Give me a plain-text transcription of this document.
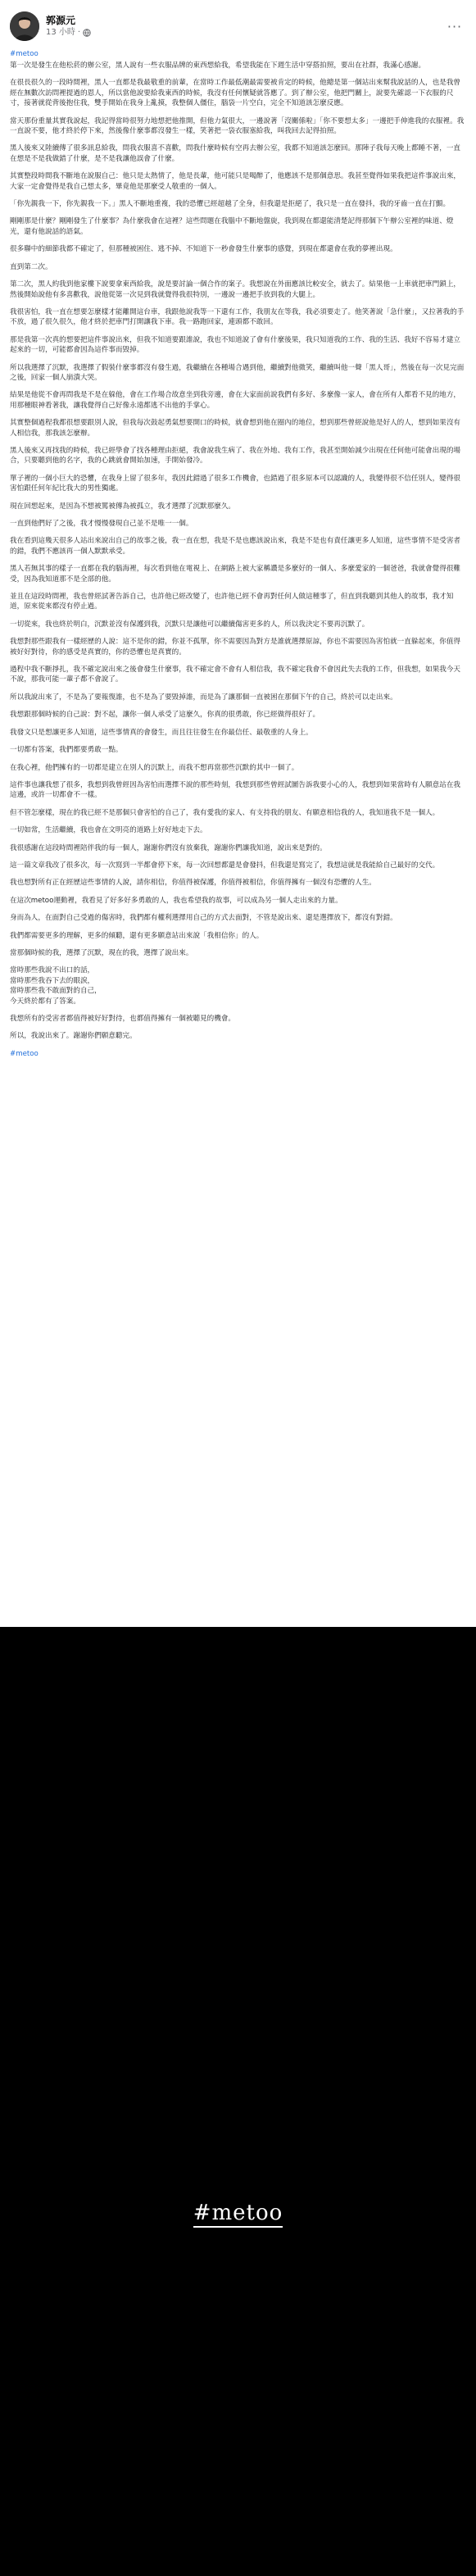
郭源元
13 小時 ·	···
#metoo

第一次是發生在他松菸的辦公室，黑人說有一些衣服品牌的東西想給我，希望我能在下週生活中穿搭拍照，要出在社群，我滿心感謝。

在很長很久的一段時間裡，黑人一直都是我最敬重的前輩，在當時工作最低潮最需要被肯定的時候，他總是第一個站出來幫我說話的人，也是我曾經在無數次訪問裡提過的恩人，所以當他說要給我東西的時候，我沒有任何懷疑就答應了。到了辦公室，他把門關上，說要先確認一下衣服的尺寸，接著就從背後抱住我，雙手開始在我身上亂摸，我整個人僵住，腦袋一片空白，完全不知道該怎麼反應。

當天那份重量其實我說起，我記得當時很努力地想把他推開，但他力氣很大，一邊說著「沒關係啦」「你不要想太多」一邊把手伸進我的衣服裡。我一直說不要，他才終於停下來，然後像什麼事都沒發生一樣，笑著把一袋衣服塞給我，叫我回去記得拍照。

黑人後來又陸續傳了很多訊息給我，問我衣服喜不喜歡，問我什麼時候有空再去辦公室，我都不知道該怎麼回。那陣子我每天晚上都睡不著，一直在想是不是我做錯了什麼，是不是我讓他誤會了什麼。

其實整段時間我不斷地在說服自己：他只是太熱情了，他是長輩，他可能只是喝醉了，他應該不是那個意思。我甚至覺得如果我把這件事說出來，大家一定會覺得是我自己想太多，畢竟他是那麼受人敬重的一個人。

「你先親我一下，你先親我一下。」黑人不斷地重複，我的恐懼已經超越了全身，但我還是拒絕了，我只是一直在發抖，我的牙齒一直在打顫。

剛剛那是什麼？剛剛發生了什麼事？為什麼我會在這裡？這些問題在我腦中不斷地盤旋，我到現在都還能清楚記得那個下午辦公室裡的味道、燈光，還有他說話的語氣。

很多聯中的細節我都不確定了，但那種被困住、逃不掉、不知道下一秒會發生什麼事的感覺，到現在都還會在我的夢裡出現。

直到第二次。

第二次，黑人約我到他家樓下說要拿東西給我，說是要討論一個合作的案子。我想說在外面應該比較安全，就去了。結果他一上車就把車門鎖上，然後開始說他有多喜歡我，說他從第一次見到我就覺得我很特別，一邊說一邊把手放到我的大腿上。

我很害怕，我一直在想要怎麼樣才能離開這台車，我跟他說我等一下還有工作，我朋友在等我，我必須要走了。他笑著說「急什麼」，又拉著我的手不放，過了很久很久，他才終於把車門打開讓我下車。我一路跑回家，連頭都不敢回。

那是我第一次真的想要把這件事說出來，但我不知道要跟誰說，我也不知道說了會有什麼後果，我只知道我的工作、我的生活、我好不容易才建立起來的一切，可能都會因為這件事而毀掉。

所以我選擇了沉默，我選擇了假裝什麼事都沒有發生過，我繼續在各種場合遇到他，繼續對他微笑，繼續叫他一聲「黑人哥」，然後在每一次見完面之後，回家一個人崩潰大哭。

結果是他從不會再問我是不是在躲他，會在工作場合故意坐到我旁邊，會在大家面前說我們有多好、多麼像一家人，會在所有人都看不見的地方，用那種眼神看著我，讓我覺得自己好像永遠都逃不出他的手掌心。

其實整個過程我都很想要跟別人說，但我每次鼓起勇氣想要開口的時候，就會想到他在圈內的地位，想到那些曾經說他是好人的人，想到如果沒有人相信我，那我該怎麼辦。

黑人後來又再找我的時候，我已經學會了找各種理由拒絕，我會說我生病了、我在外地、我有工作，我甚至開始減少出現在任何他可能會出現的場合，只要聽到他的名字，我的心跳就會開始加速，手開始發冷。

單子裡的一個小巨大的恐懼，在我身上留了很多年，我因此錯過了很多工作機會，也錯過了很多原本可以認識的人，我變得很不信任別人，變得很害怕跟任何年紀比我大的男性獨處。

現在回想起來，是因為不想被罵被傳為被孤立，我才選擇了沉默那麼久。

一直到他們好了之後，我才慢慢發現自己並不是唯一一個。

我在看到這幾天很多人站出來說出自己的故事之後，我一直在想，我是不是也應該說出來，我是不是也有責任讓更多人知道，這些事情不是受害者的錯，我們不應該再一個人默默承受。

黑人若無其事的樣子一直都在我的腦海裡，每次看到他在電視上、在網路上被大家稱讚是多麼好的一個人、多麼愛家的一個爸爸，我就會覺得很難受，因為我知道那不是全部的他。

並且在這段時間裡，我也曾經試著告訴自己，也許他已經改變了，也許他已經不會再對任何人做這種事了，但直到我聽到其他人的故事，我才知道，原來從來都沒有停止過。

一切從來，我也終於明白，沉默並沒有保護到我，沉默只是讓他可以繼續傷害更多的人，所以我決定不要再沉默了。

我想對那些跟我有一樣經歷的人說：這不是你的錯，你並不孤單，你不需要因為對方是誰就選擇原諒，你也不需要因為害怕就一直躲起來，你值得被好好對待，你的感受是真實的，你的恐懼也是真實的。

過程中我不斷掙扎，我不確定說出來之後會發生什麼事，我不確定會不會有人相信我，我不確定我會不會因此失去我的工作，但我想，如果我今天不說，那我可能一輩子都不會說了。

所以我說出來了，不是為了要報復誰，也不是為了要毀掉誰，而是為了讓那個一直被困在那個下午的自己，終於可以走出來。

我想跟那個時候的自己說：對不起，讓你一個人承受了這麼久，你真的很勇敢，你已經做得很好了。

我發文只是想讓更多人知道，這些事情真的會發生，而且往往發生在你最信任、最敬重的人身上。

一切都有答案，我們都要勇敢一點。

在我心裡，他們擁有的一切都是建立在別人的沉默上，而我不想再當那些沉默的其中一個了。

這件事也讓我想了很多，我想到我曾經因為害怕而選擇不說的那些時刻，我想到那些曾經試圖告訴我要小心的人，我想到如果當時有人願意站在我這邊，或許一切都會不一樣。

但不管怎麼樣，現在的我已經不是那個只會害怕的自己了，我有愛我的家人、有支持我的朋友、有願意相信我的人，我知道我不是一個人。

一切如常，生活繼續，我也會在文明亮的道路上好好地走下去。

我很感謝在這段時間裡陪伴我的每一個人，謝謝你們沒有放棄我，謝謝你們讓我知道，說出來是對的。

這一篇文章我改了很多次，每一次寫到一半都會停下來，每一次回想都還是會發抖，但我還是寫完了，我想這就是我能給自己最好的交代。

我也想對所有正在經歷這些事情的人說，請你相信，你值得被保護，你值得被相信，你值得擁有一個沒有恐懼的人生。

在這次metoo運動裡，我看見了好多好多勇敢的人，我也希望我的故事，可以成為另一個人走出來的力量。

身而為人，在面對自己受過的傷害時，我們都有權利選擇用自己的方式去面對，不管是說出來、還是選擇放下，都沒有對錯。

我們都需要更多的理解，更多的傾聽，還有更多願意站出來說「我相信你」的人。

當那個時候的我，選擇了沉默，現在的我，選擇了說出來。

當時那些我說不出口的話，
當時那些我吞下去的眼淚，
當時那些我不敢面對的自己，
今天終於都有了答案。

我想所有的受害者都值得被好好對待，也都值得擁有一個被聽見的機會。

所以，我說出來了。謝謝你們願意聽完。

#metoo
#metoo
